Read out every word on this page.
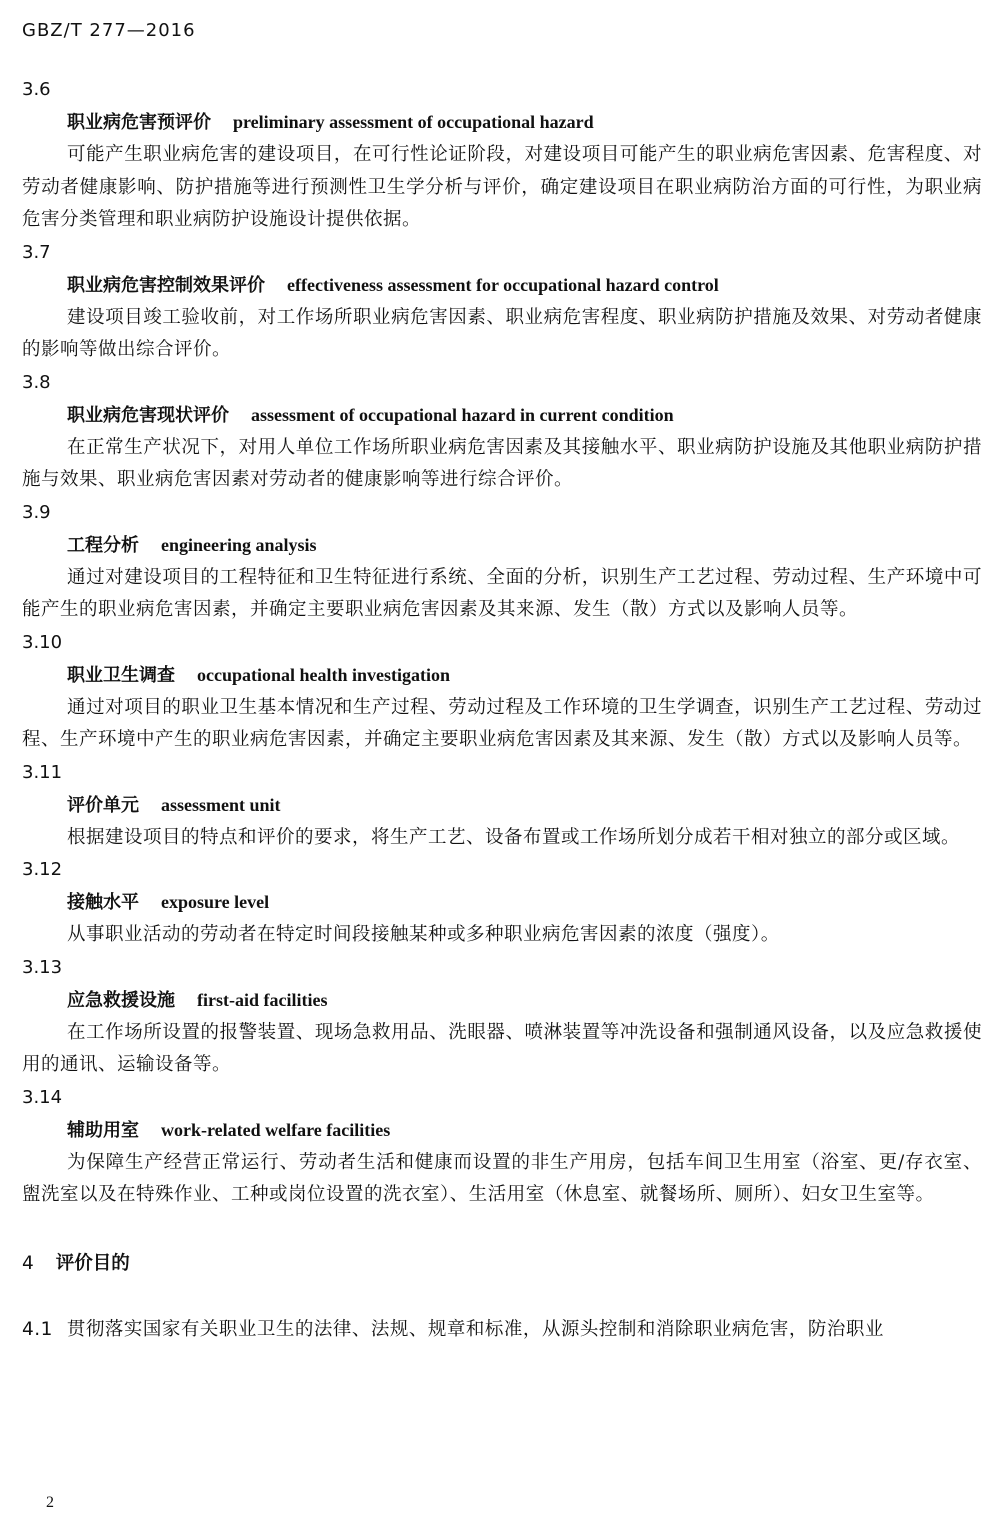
GBZ/T 277—2016
3.6
职业病危害预评价 preliminary assessment of occupational hazard
可能产生职业病危害的建设项目，在可行性论证阶段，对建设项目可能产生的职业病危害因素、危害程度、对劳动者健康影响、防护措施等进行预测性卫生学分析与评价，确定建设项目在职业病防治方面的可行性，为职业病危害分类管理和职业病防护设施设计提供依据。
3.7
职业病危害控制效果评价 effectiveness assessment for occupational hazard control
建设项目竣工验收前，对工作场所职业病危害因素、职业病危害程度、职业病防护措施及效果、对劳动者健康的影响等做出综合评价。
3.8
职业病危害现状评价 assessment of occupational hazard in current condition
在正常生产状况下，对用人单位工作场所职业病危害因素及其接触水平、职业病防护设施及其他职业病防护措施与效果、职业病危害因素对劳动者的健康影响等进行综合评价。
3.9
工程分析 engineering analysis
通过对建设项目的工程特征和卫生特征进行系统、全面的分析，识别生产工艺过程、劳动过程、生产环境中可能产生的职业病危害因素，并确定主要职业病危害因素及其来源、发生（散）方式以及影响人员等。
3.10
职业卫生调查 occupational health investigation
通过对项目的职业卫生基本情况和生产过程、劳动过程及工作环境的卫生学调查，识别生产工艺过程、劳动过程、生产环境中产生的职业病危害因素，并确定主要职业病危害因素及其来源、发生（散）方式以及影响人员等。
3.11
评价单元 assessment unit
根据建设项目的特点和评价的要求，将生产工艺、设备布置或工作场所划分成若干相对独立的部分或区域。
3.12
接触水平 exposure level
从事职业活动的劳动者在特定时间段接触某种或多种职业病危害因素的浓度（强度）。
3.13
应急救援设施 first-aid facilities
在工作场所设置的报警装置、现场急救用品、洗眼器、喷淋装置等冲洗设备和强制通风设备，以及应急救援使用的通讯、运输设备等。
3.14
辅助用室 work-related welfare facilities
为保障生产经营正常运行、劳动者生活和健康而设置的非生产用房，包括车间卫生用室（浴室、更/存衣室、盥洗室以及在特殊作业、工种或岗位设置的洗衣室）、生活用室（休息室、就餐场所、厕所）、妇女卫生室等。
4 评价目的
4.1 贯彻落实国家有关职业卫生的法律、法规、规章和标准，从源头控制和消除职业病危害，防治职业
2
